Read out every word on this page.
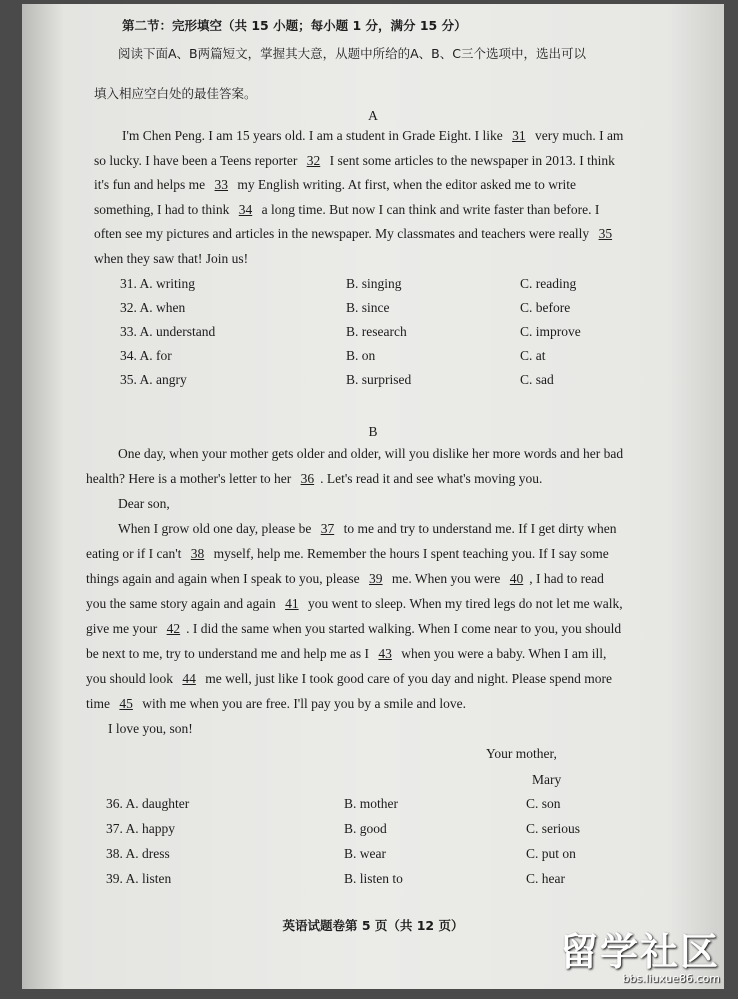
第二节：完形填空（共 15 小题；每小题 1 分，满分 15 分）
阅读下面A、B两篇短文，掌握其大意，从题中所给的A、B、C三个选项中，选出可以
填入相应空白处的最佳答案。
A
I'm Chen Peng. I am 15 years old. I am a student in Grade Eight. I like 31 very much. I am
so lucky. I have been a Teens reporter 32 I sent some articles to the newspaper in 2013. I think
it's fun and helps me 33 my English writing. At first, when the editor asked me to write
something, I had to think 34 a long time. But now I can think and write faster than before. I
often see my pictures and articles in the newspaper. My classmates and teachers were really 35
when they saw that! Join us!
31. A. writing	B. singing	C. reading
32. A. when	B. since	C. before
33. A. understand	B. research	C. improve
34. A. for	B. on	C. at
35. A. angry	B. surprised	C. sad
B
One day, when your mother gets older and older, will you dislike her more words and her bad
health? Here is a mother's letter to her 36 . Let's read it and see what's moving you.
Dear son,
When I grow old one day, please be 37 to me and try to understand me. If I get dirty when
eating or if I can't 38 myself, help me. Remember the hours I spent teaching you. If I say some
things again and again when I speak to you, please 39 me. When you were 40 , I had to read
you the same story again and again 41 you went to sleep. When my tired legs do not let me walk,
give me your 42 . I did the same when you started walking. When I come near to you, you should
be next to me, try to understand me and help me as I 43 when you were a baby. When I am ill,
you should look 44 me well, just like I took good care of you day and night. Please spend more
time 45 with me when you are free. I'll pay you by a smile and love.
I love you, son!
Your mother,
Mary
36. A. daughter	B. mother	C. son
37. A. happy	B. good	C. serious
38. A. dress	B. wear	C. put on
39. A. listen	B. listen to	C. hear
英语试题卷第 5 页（共 12 页）
留学社区
bbs.liuxue86.com
